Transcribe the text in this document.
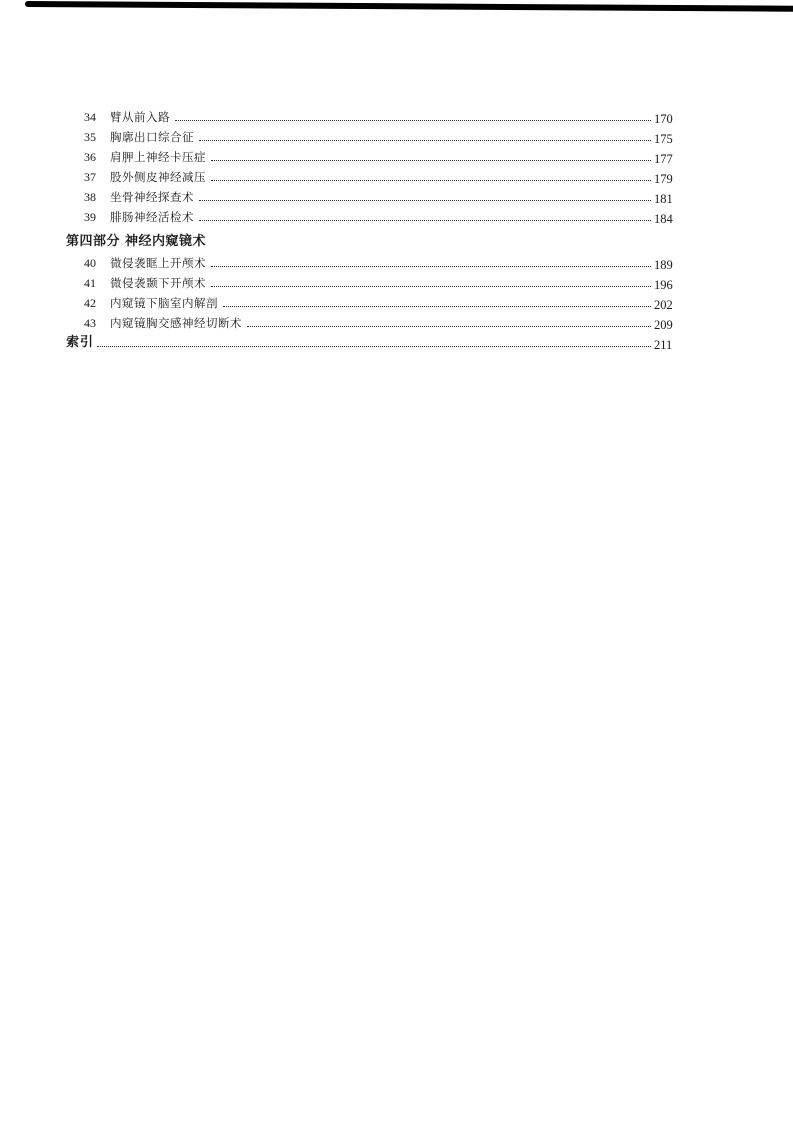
34	臂从前入路	170
35	胸廓出口综合征	175
36	肩胛上神经卡压症	177
37	股外侧皮神经减压	179
38	坐骨神经探查术	181
39	腓肠神经活检术	184
第四部分 神经内窥镜术
40	微侵袭眶上开颅术	189
41	微侵袭颞下开颅术	196
42	内窥镜下脑室内解剖	202
43	内窥镜胸交感神经切断术	209
索引	211
